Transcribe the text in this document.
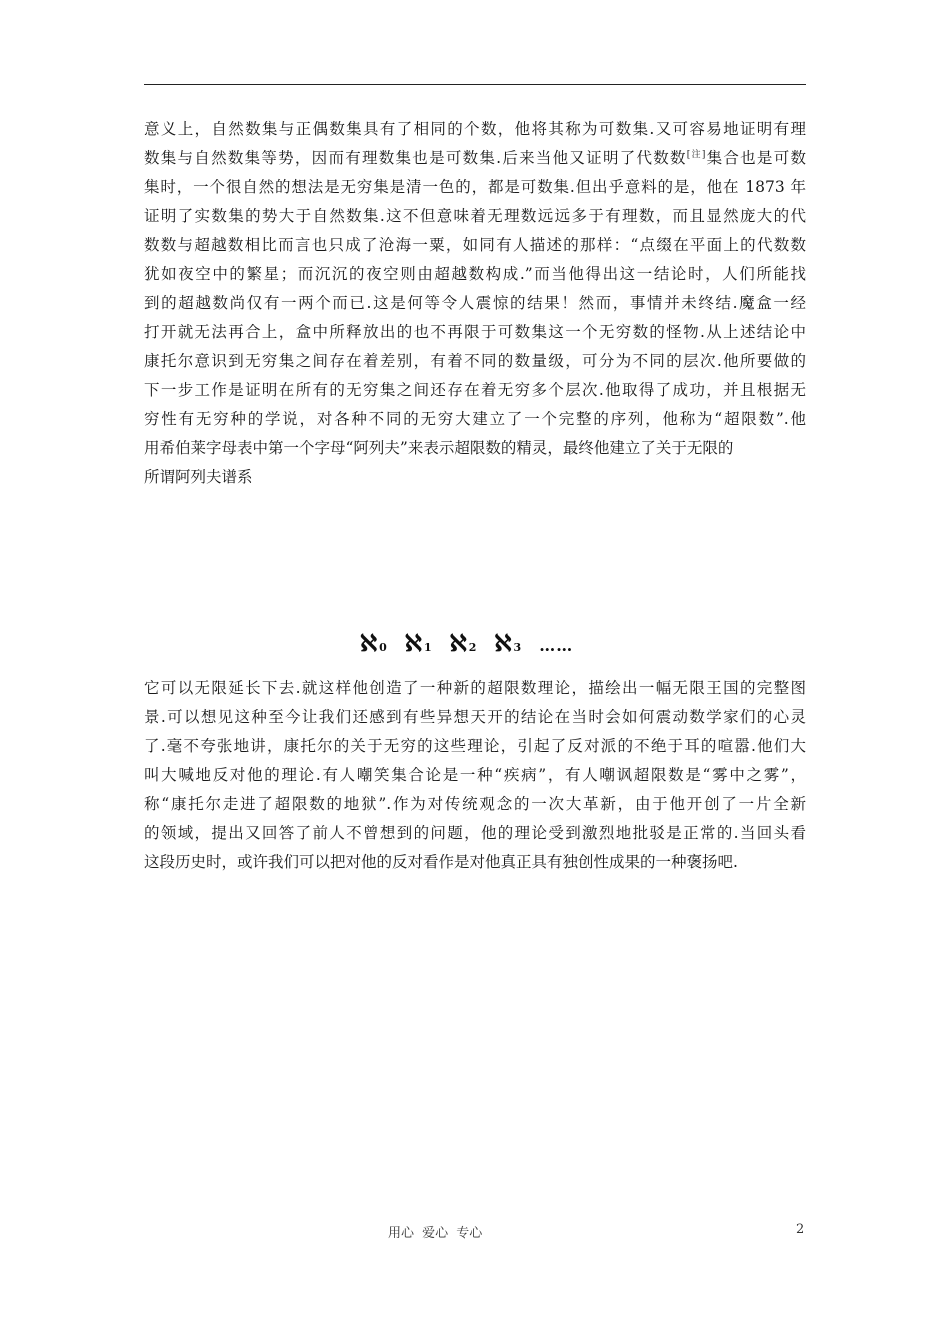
意义上，自然数集与正偶数集具有了相同的个数，他将其称为可数集.又可容易地证明有理
数集与自然数集等势，因而有理数集也是可数集.后来当他又证明了代数数[注]集合也是可数
集时，一个很自然的想法是无穷集是清一色的，都是可数集.但出乎意料的是，他在 1873 年
证明了实数集的势大于自然数集.这不但意味着无理数远远多于有理数，而且显然庞大的代
数数与超越数相比而言也只成了沧海一粟，如同有人描述的那样：“点缀在平面上的代数数
犹如夜空中的繁星；而沉沉的夜空则由超越数构成.”而当他得出这一结论时，人们所能找
到的超越数尚仅有一两个而已.这是何等令人震惊的结果！然而，事情并未终结.魔盒一经
打开就无法再合上，盒中所释放出的也不再限于可数集这一个无穷数的怪物.从上述结论中
康托尔意识到无穷集之间存在着差别，有着不同的数量级，可分为不同的层次.他所要做的
下一步工作是证明在所有的无穷集之间还存在着无穷多个层次.他取得了成功，并且根据无
穷性有无穷种的学说，对各种不同的无穷大建立了一个完整的序列，他称为“超限数”.他
用希伯莱字母表中第一个字母“阿列夫”来表示超限数的精灵，最终他建立了关于无限的
所谓阿列夫谱系
ℵ 0 ℵ 1 ℵ 2 ℵ 3 ……
它可以无限延长下去.就这样他创造了一种新的超限数理论，描绘出一幅无限王国的完整图
景.可以想见这种至今让我们还感到有些异想天开的结论在当时会如何震动数学家们的心灵
了.毫不夸张地讲，康托尔的关于无穷的这些理论，引起了反对派的不绝于耳的喧嚣.他们大
叫大喊地反对他的理论.有人嘲笑集合论是一种“疾病”，有人嘲讽超限数是“雾中之雾”，
称“康托尔走进了超限数的地狱”.作为对传统观念的一次大革新，由于他开创了一片全新
的领域，提出又回答了前人不曾想到的问题，他的理论受到激烈地批驳是正常的.当回头看
这段历史时，或许我们可以把对他的反对看作是对他真正具有独创性成果的一种褒扬吧.
用心 爱心 专心	2
